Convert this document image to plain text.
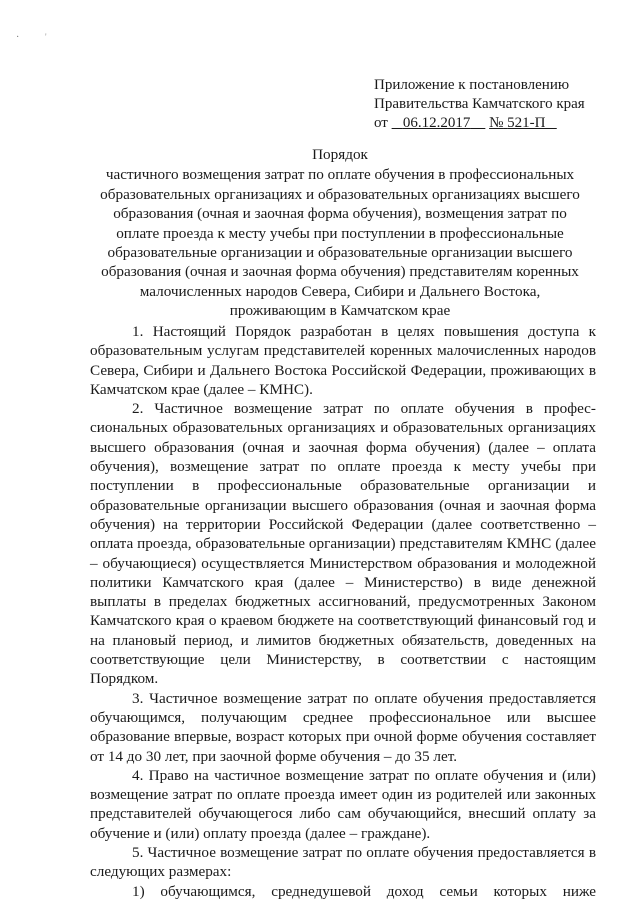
·	'
Приложение к постановлению
Правительства Камчатского края
от 06.12.2017 № 521-П
Порядок
частичного возмещения затрат по оплате обучения в профессиональных образовательных организациях и образовательных организациях высшего образования (очная и заочная форма обучения), возмещения затрат по оплате проезда к месту учебы при поступлении в профессиональные образовательные организации и образовательные организации высшего образования (очная и заочная форма обучения) представителям коренных малочисленных народов Севера, Сибири и Дальнего Востока, проживающим в Камчатском крае

1. Настоящий Порядок разработан в целях повышения доступа к образовательным услугам представителей коренных малочисленных народов Севера, Сибири и Дальнего Востока Российской Федерации, проживающих в Камчатском крае (далее – КМНС).

2. Частичное возмещение затрат по оплате обучения в профес-сиональных образовательных организациях и образовательных организациях высшего образования (очная и заочная форма обучения) (далее – оплата обучения), возмещение затрат по оплате проезда к месту учебы при поступлении в профессиональные образовательные организации и образовательные организации высшего образования (очная и заочная форма обучения) на территории Российской Федерации (далее соответственно – оплата проезда, образовательные организации) представителям КМНС (далее – обучающиеся) осуществляется Министерством образования и молодежной политики Камчатского края (далее – Министерство) в виде денежной выплаты в пределах бюджетных ассигнований, предусмотренных Законом Камчатского края о краевом бюджете на соответствующий финансовый год и на плановый период, и лимитов бюджетных обязательств, доведенных на соответствующие цели Министерству, в соответствии с настоящим Порядком.

3. Частичное возмещение затрат по оплате обучения предоставляется обучающимся, получающим среднее профессиональное или высшее образование впервые, возраст которых при очной форме обучения составляет от 14 до 30 лет, при заочной форме обучения – до 35 лет.

4. Право на частичное возмещение затрат по оплате обучения и (или) возмещение затрат по оплате проезда имеет один из родителей или законных представителей обучающегося либо сам обучающийся, внесший оплату за обучение и (или) оплату проезда (далее – граждане).

5. Частичное возмещение затрат по оплате обучения предоставляется в следующих размерах:

1) обучающимся, среднедушевой доход семьи которых ниже
